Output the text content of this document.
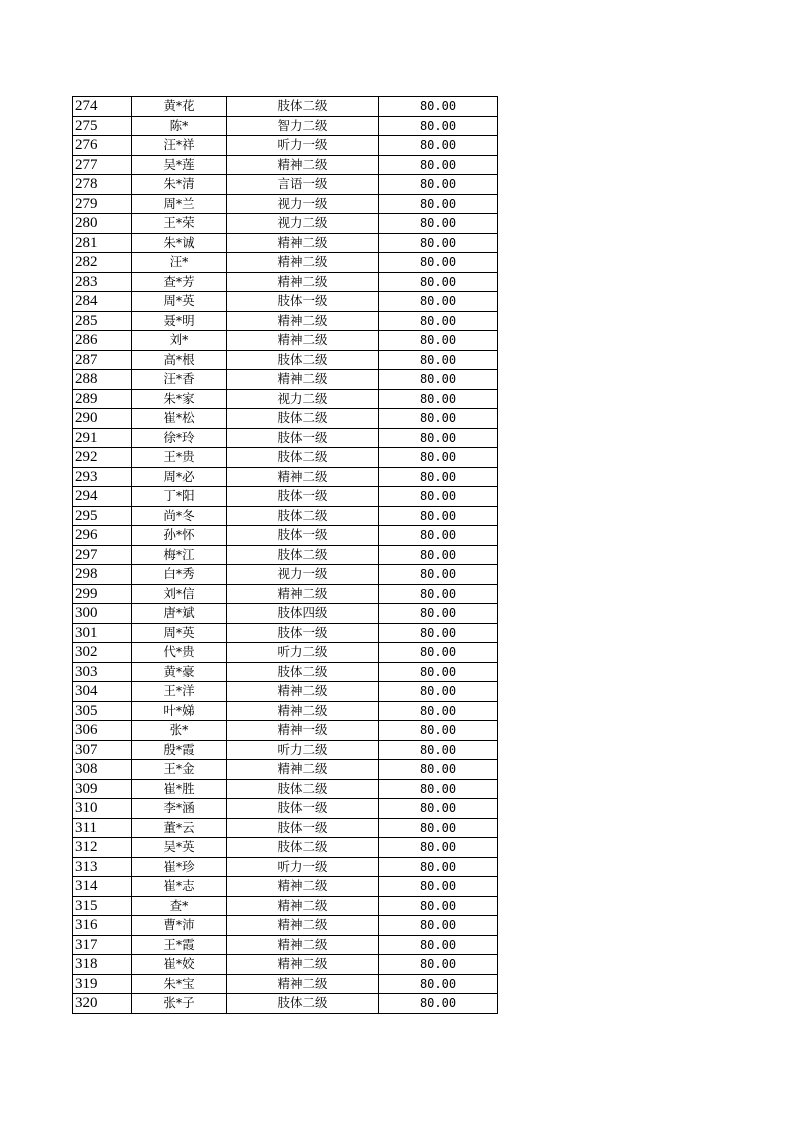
274	黄*花	肢体二级	80.00
275	陈*	智力二级	80.00
276	汪*祥	听力一级	80.00
277	吴*莲	精神二级	80.00
278	朱*清	言语一级	80.00
279	周*兰	视力一级	80.00
280	王*荣	视力二级	80.00
281	朱*诚	精神二级	80.00
282	汪*	精神二级	80.00
283	查*芳	精神二级	80.00
284	周*英	肢体一级	80.00
285	聂*明	精神二级	80.00
286	刘*	精神二级	80.00
287	高*根	肢体二级	80.00
288	汪*香	精神二级	80.00
289	朱*家	视力二级	80.00
290	崔*松	肢体二级	80.00
291	徐*玲	肢体一级	80.00
292	王*贵	肢体二级	80.00
293	周*必	精神二级	80.00
294	丁*阳	肢体一级	80.00
295	尚*冬	肢体二级	80.00
296	孙*怀	肢体一级	80.00
297	梅*江	肢体二级	80.00
298	白*秀	视力一级	80.00
299	刘*信	精神二级	80.00
300	唐*斌	肢体四级	80.00
301	周*英	肢体一级	80.00
302	代*贵	听力二级	80.00
303	黄*豪	肢体二级	80.00
304	王*洋	精神二级	80.00
305	叶*娣	精神二级	80.00
306	张*	精神一级	80.00
307	殷*霞	听力二级	80.00
308	王*金	精神二级	80.00
309	崔*胜	肢体二级	80.00
310	李*涵	肢体一级	80.00
311	董*云	肢体一级	80.00
312	吴*英	肢体二级	80.00
313	崔*珍	听力一级	80.00
314	崔*志	精神二级	80.00
315	查*	精神二级	80.00
316	曹*沛	精神二级	80.00
317	王*霞	精神二级	80.00
318	崔*姣	精神二级	80.00
319	朱*宝	精神二级	80.00
320	张*子	肢体二级	80.00
